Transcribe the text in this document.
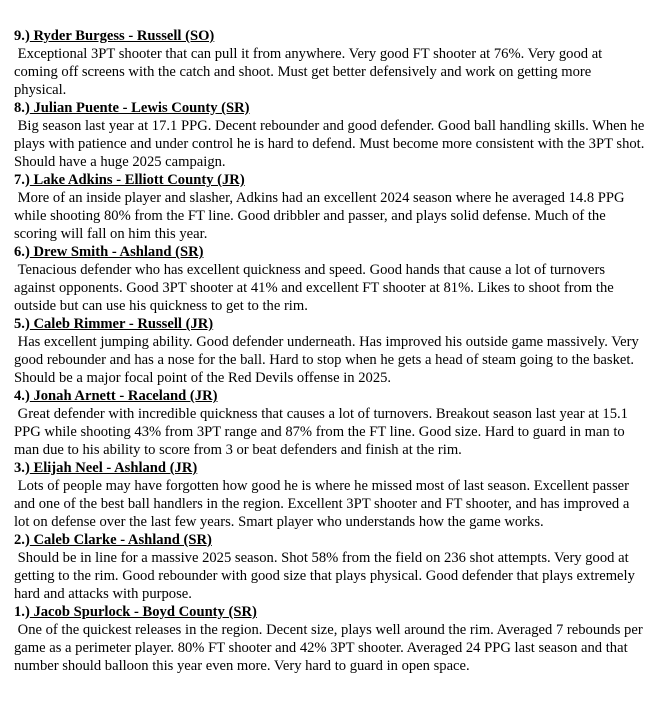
9.) Ryder Burgess - Russell (SO)
Exceptional 3PT shooter that can pull it from anywhere. Very good FT shooter at 76%. Very good at coming off screens with the catch and shoot. Must get better defensively and work on getting more physical.
8.) Julian Puente - Lewis County (SR)
Big season last year at 17.1 PPG. Decent rebounder and good defender. Good ball handling skills. When he plays with patience and under control he is hard to defend. Must become more consistent with the 3PT shot. Should have a huge 2025 campaign.
7.) Lake Adkins - Elliott County (JR)
More of an inside player and slasher, Adkins had an excellent 2024 season where he averaged 14.8 PPG while shooting 80% from the FT line. Good dribbler and passer, and plays solid defense. Much of the scoring will fall on him this year.
6.) Drew Smith - Ashland (SR)
Tenacious defender who has excellent quickness and speed. Good hands that cause a lot of turnovers against opponents. Good 3PT shooter at 41% and excellent FT shooter at 81%. Likes to shoot from the outside but can use his quickness to get to the rim.
5.) Caleb Rimmer - Russell (JR)
Has excellent jumping ability. Good defender underneath. Has improved his outside game massively. Very good rebounder and has a nose for the ball. Hard to stop when he gets a head of steam going to the basket. Should be a major focal point of the Red Devils offense in 2025.
4.) Jonah Arnett - Raceland (JR)
Great defender with incredible quickness that causes a lot of turnovers. Breakout season last year at 15.1 PPG while shooting 43% from 3PT range and 87% from the FT line. Good size. Hard to guard in man to man due to his ability to score from 3 or beat defenders and finish at the rim.
3.) Elijah Neel - Ashland (JR)
Lots of people may have forgotten how good he is where he missed most of last season. Excellent passer and one of the best ball handlers in the region. Excellent 3PT shooter and FT shooter, and has improved a lot on defense over the last few years. Smart player who understands how the game works.
2.) Caleb Clarke - Ashland (SR)
Should be in line for a massive 2025 season. Shot 58% from the field on 236 shot attempts. Very good at getting to the rim. Good rebounder with good size that plays physical. Good defender that plays extremely hard and attacks with purpose.
1.) Jacob Spurlock - Boyd County (SR)
One of the quickest releases in the region. Decent size, plays well around the rim. Averaged 7 rebounds per game as a perimeter player. 80% FT shooter and 42% 3PT shooter. Averaged 24 PPG last season and that number should balloon this year even more. Very hard to guard in open space.
